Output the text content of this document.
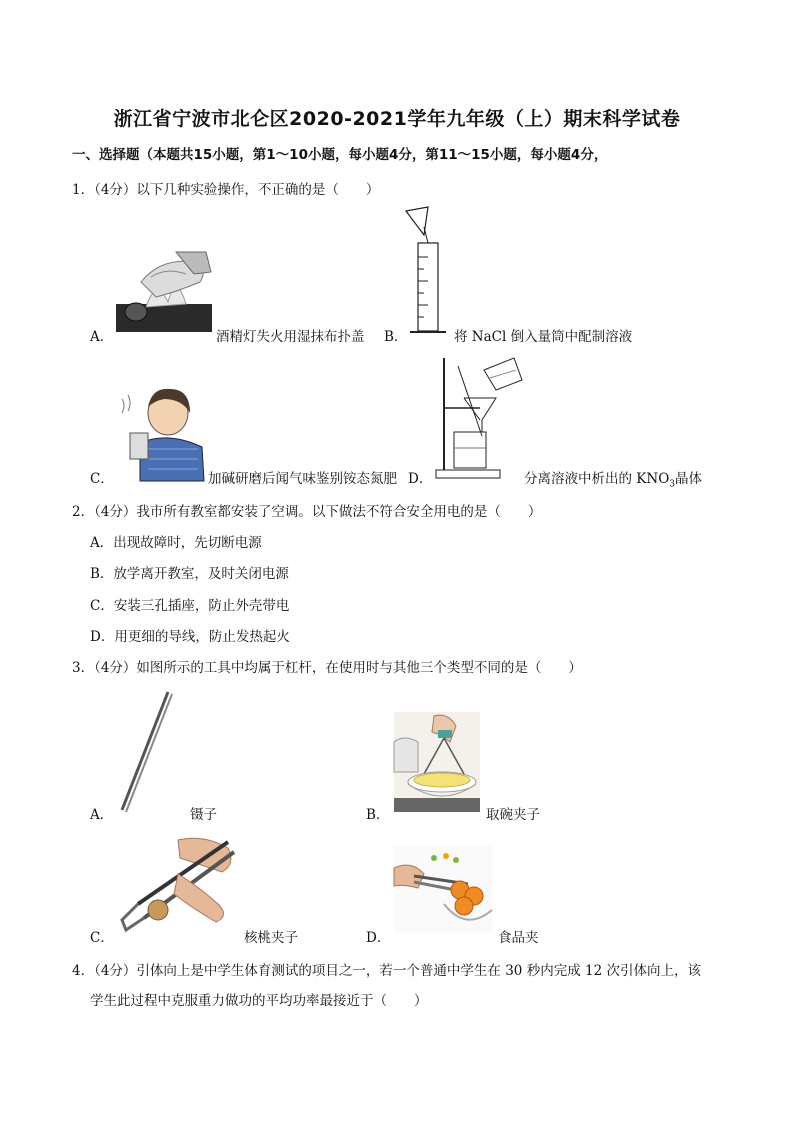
浙江省宁波市北仑区2020-2021学年九年级（上）期末科学试卷
一、选择题（本题共15小题，第1～10小题，每小题4分，第11～15小题，每小题4分，
1．（4分）以下几种实验操作，不正确的是（　　）
A．	酒精灯失火用湿抹布扑盖 B．	将 NaCl 倒入量筒中配制溶液
C．	加碱研磨后闻气味鉴别铵态氮肥 D．	分离溶液中析出的 $KNO_3$晶体
2．（4分）我市所有教室都安装了空调。以下做法不符合安全用电的是（　　）
A．出现故障时，先切断电源
B．放学离开教室，及时关闭电源
C．安装三孔插座，防止外壳带电
D．用更细的导线，防止发热起火
3．（4分）如图所示的工具中均属于杠杆，在使用时与其他三个类型不同的是（　　）
A．	镊子	B．	取碗夹子
C．	核桃夹子	D．	食品夹
4．（4分）引体向上是中学生体育测试的项目之一，若一个普通中学生在 30 秒内完成 12 次引体向上，该
学生此过程中克服重力做功的平均功率最接近于（　　）
